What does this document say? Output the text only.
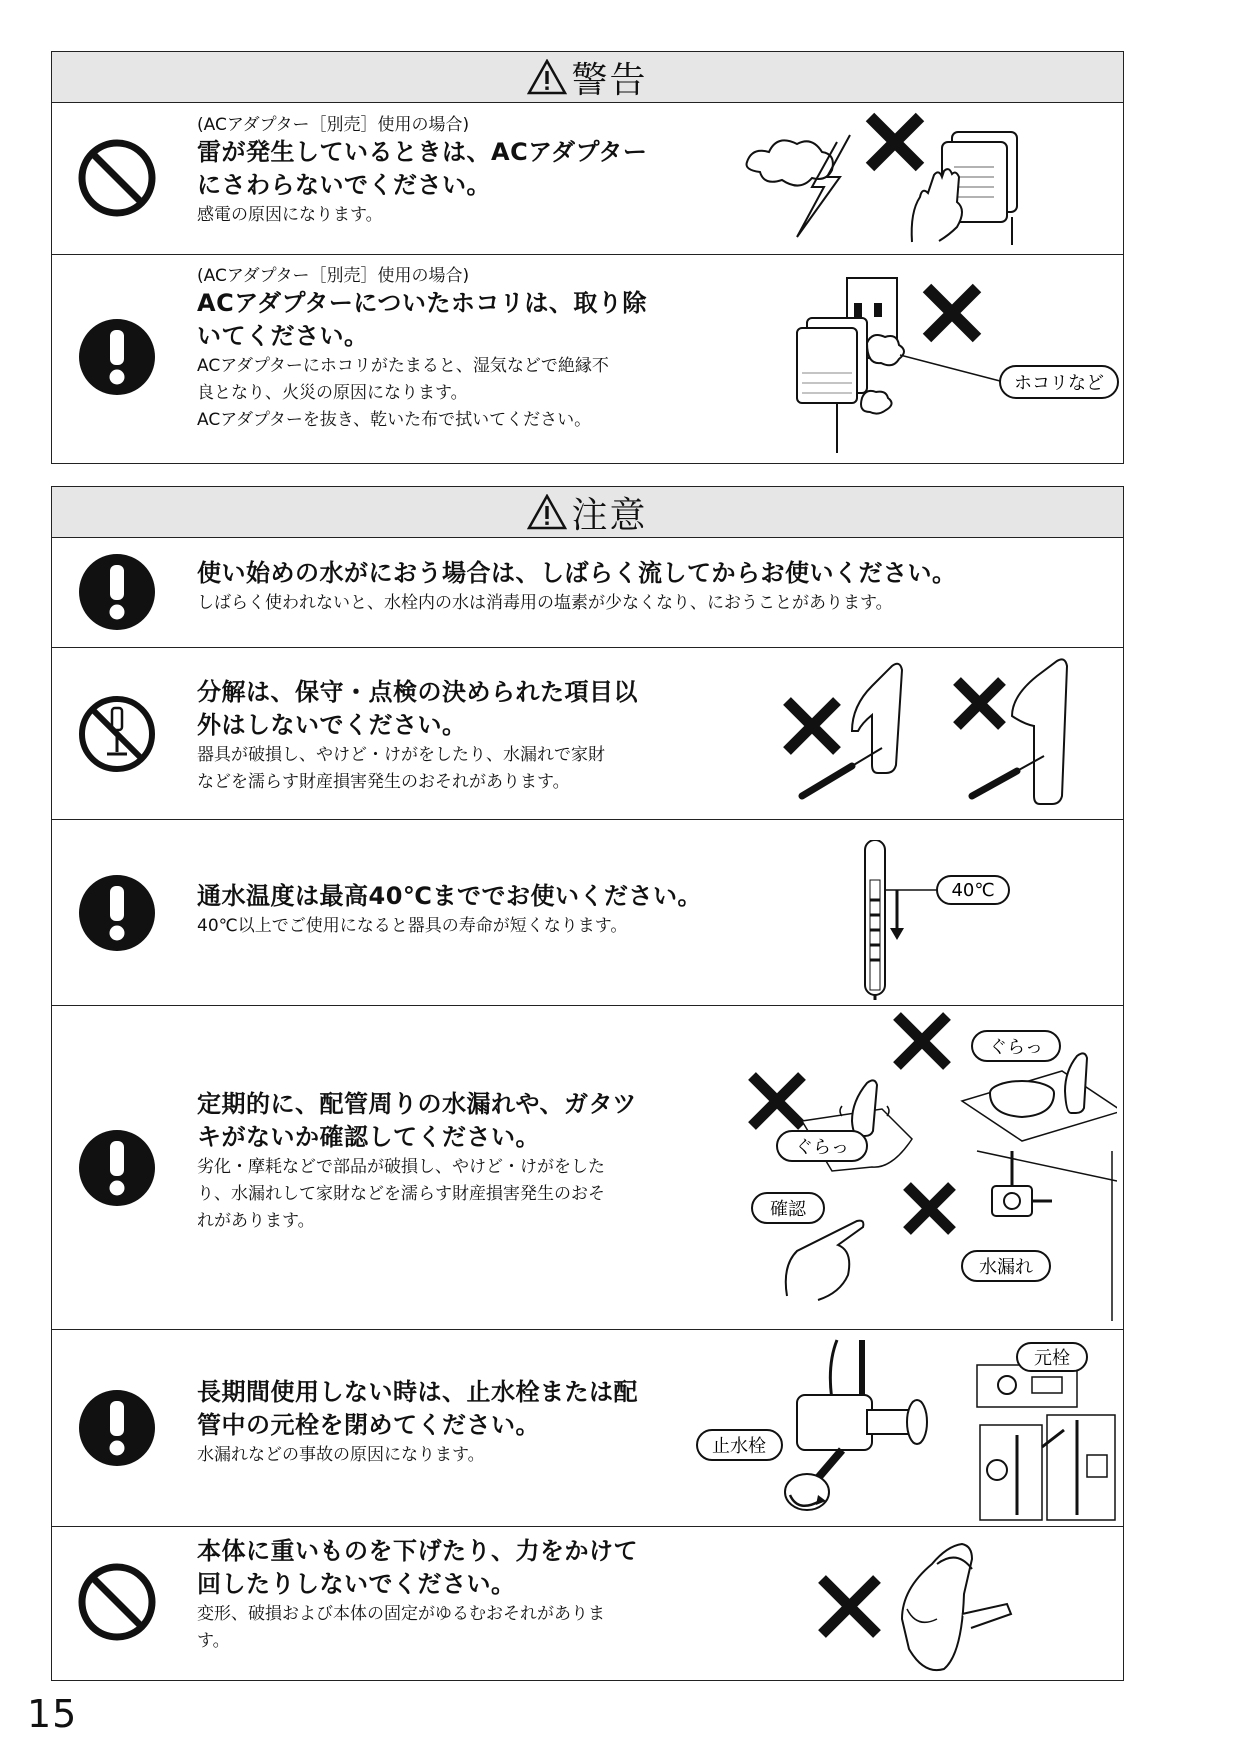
警告
(ACアダプター［別売］使用の場合)
雷が発生しているときは、ACアダプター
にさわらないでください。
感電の原因になります。
(ACアダプター［別売］使用の場合)
ACアダプターについたホコリは、取り除
いてください。
ACアダプターにホコリがたまると、湿気などで絶縁不
良となり、火災の原因になります。
ACアダプターを抜き、乾いた布で拭いてください。
ホコリなど
注意
使い始めの水がにおう場合は、しばらく流してからお使いください。
しばらく使われないと、水栓内の水は消毒用の塩素が少なくなり、におうことがあります。
分解は、保守・点検の決められた項目以
外はしないでください。
器具が破損し、やけど・けがをしたり、水漏れで家財
などを濡らす財産損害発生のおそれがあります。
通水温度は最高40℃まででお使いください。
40℃以上でご使用になると器具の寿命が短くなります。
40℃
定期的に、配管周りの水漏れや、ガタツ
キがないか確認してください。
劣化・摩耗などで部品が破損し、やけど・けがをした
り、水漏れして家財などを濡らす財産損害発生のおそ
れがあります。
ぐらっ
ぐらっ
確認
水漏れ
長期間使用しない時は、止水栓または配
管中の元栓を閉めてください。
水漏れなどの事故の原因になります。	止水栓
元栓
本体に重いものを下げたり、力をかけて
回したりしないでください。
変形、破損および本体の固定がゆるむおそれがありま
す。
15
